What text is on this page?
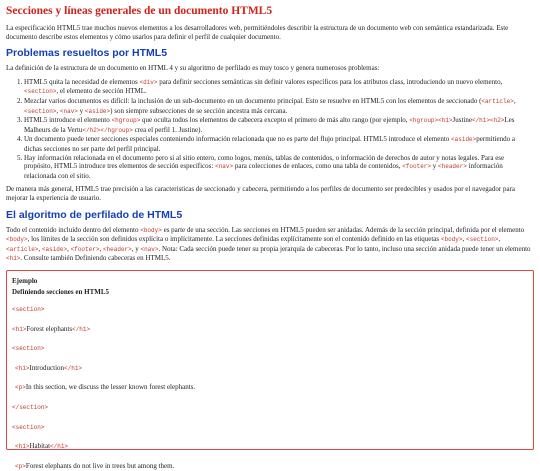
Secciones y líneas generales de un documento HTML5

La especificación HTML5 trae muchos nuevos elementos a los desarrolladores web, permitiéndoles describir la estructura de un documento web con semántica estandarizada. Este documento describe estos elementos y cómo usarlos para definir el perfil de cualquier documento.

Problemas resueltos por HTML5

La definición de la estructura de un documento en HTML 4 y su algoritmo de perfilado es muy tosco y genera numerosos problemas:

1. HTML5 quita la necesidad de elementos <div> para definir secciones semánticas sin definir valores específicos para los atributos class, introduciendo un nuevo elemento, <section>, el elemento de sección HTML.
2. Mezclar varios documentos es difícil: la inclusión de un sub-documento en un documento principal. Esto se resuelve en HTML5 con los elementos de seccionado (<article>, <section>, <nav> y <aside>) son siempre subsecciones de se sección ancestra más cercana.
3. HTML5 introduce el elemento <hgroup> que oculta todos los elementos de cabecera excepto el primero de más alto rango (por ejemplo, <hgroup><h1>Justine</h1><h2>Les Malheurs de la Vertu</h2></hgroup> crea el perfil 1. Justine).
4. Un documento puede tener secciones especiales conteniendo información relacionada que no es parte del flujo principal. HTML5 introduce el elemento <aside>permitiendo a dichas secciones no ser parte del perfil principal.
5. Hay información relacionada en el documento pero si al sitio entero, como logos, menús, tablas de contenidos, o información de derechos de autor y notas legales. Para ese propósito, HTML5 introduce tres elementos de sección específicos: <nav> para colecciones de enlaces, como una tabla de contenidos, <footer> y <header> información relacionada con el sitio.

De manera más general, HTML5 trae precisión a las características de seccionado y cabecera, permitiendo a los perfiles de documento ser predecibles y usados por el navegador para mejorar la experiencia de usuario.

El algoritmo de perfilado de HTML5

Todo el contenido incluido dentro del elemento <body> es parte de una sección. Las secciones en HTML5 pueden ser anidadas. Además de la sección principal, definida por el elemento <body>, los límites de la sección son definidos explícita o implícitamente. La secciones definidas explícitamente son el contenido definido en las etiquetas <body>, <section>, <article>, <aside>, <footer>, <header>, y <nav>. Nota: Cada sección puede tener su propia jerarquía de cabeceras. Por lo tanto, incluso una sección anidada puede tener un elemento <h1>. Consulte también Definiendo cabeceras en HTML5.

Ejemplo
Definiendo secciones en HTML5
<section>
<h1>Forest elephants</h1>
<section>
<h1>Introduction</h1>
<p>In this section, we discuss the lesser known forest elephants.
</section>
<section>
<h1>Habitat</h1>
<p>Forest elephants do not live in trees but among them.
